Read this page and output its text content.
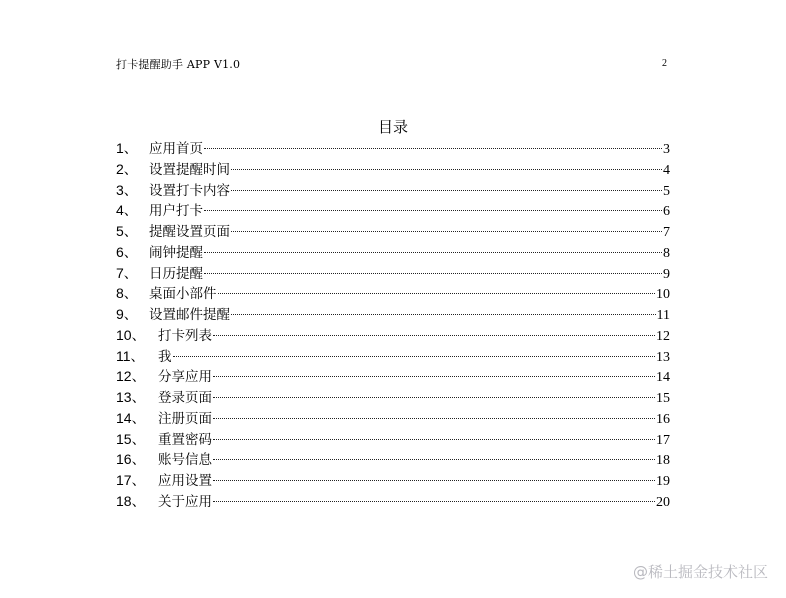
打卡提醒助手 APP V1.0	2
目录
1、 应用首页	3
2、 设置提醒时间	4
3、 设置打卡内容	5
4、 用户打卡	6
5、 提醒设置页面	7
6、 闹钟提醒	8
7、 日历提醒	9
8、 桌面小部件	10
9、 设置邮件提醒	11
10、 打卡列表	12
11、 我	13
12、 分享应用	14
13、 登录页面	15
14、 注册页面	16
15、 重置密码	17
16、 账号信息	18
17、 应用设置	19
18、 关于应用	20
@稀土掘金技术社区
